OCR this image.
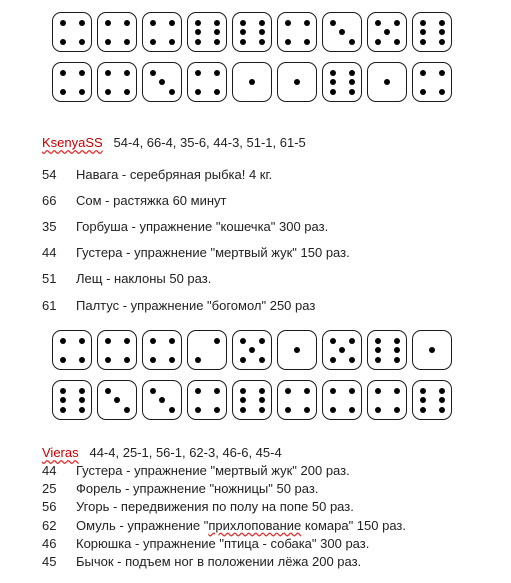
KsenyaSS 54-4, 66-4, 35-6, 44-3, 51-1, 61-5
54	Навага - серебряная рыбка! 4 кг.
66	Сом - растяжка 60 минут
35	Горбуша - упражнение "кошечка" 300 раз.
44	Густера - упражнение "мертвый жук" 150 раз.
51	Лещ - наклоны 50 раз.
61	Палтус - упражнение "богомол" 250 раз
Vieras 44-4, 25-1, 56-1, 62-3, 46-6, 45-4
44	Густера - упражнение "мертвый жук" 200 раз.
25	Форель - упражнение "ножницы" 50 раз.
56	Угорь - передвижения по полу на попе 50 раз.
62	Омуль - упражнение "прихлопование комара" 150 раз.
46	Корюшка - упражнение "птица - собака" 300 раз.
45	Бычок - подъем ног в положении лёжа 200 раз.
